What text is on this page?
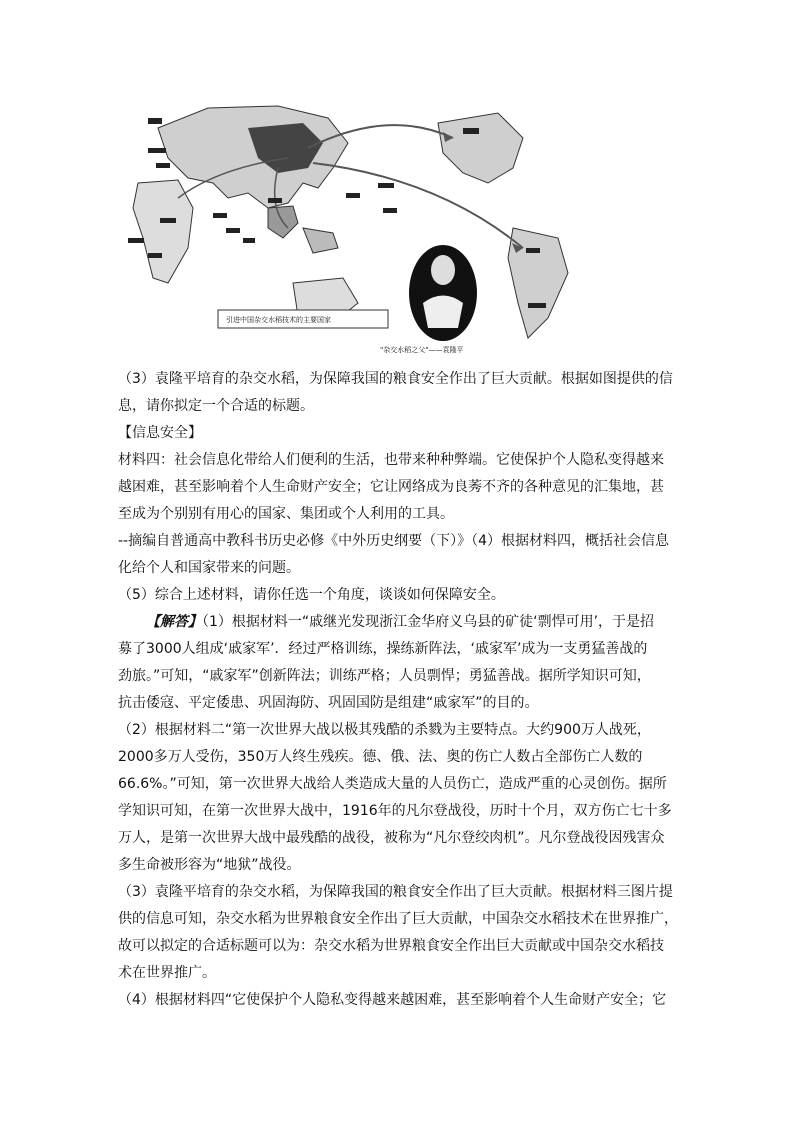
引进中国杂交水稻技术的主要国家
"杂交水稻之父"——袁隆平
（3）袁隆平培育的杂交水稻，为保障我国的粮食安全作出了巨大贡献。根据如图提供的信
息，请你拟定一个合适的标题。
【信息安全】
材料四：社会信息化带给人们便利的生活，也带来种种弊端。它使保护个人隐私变得越来
越困难，甚至影响着个人生命财产安全；它让网络成为良莠不齐的各种意见的汇集地，甚
至成为个别别有用心的国家、集团或个人利用的工具。
--摘编自普通高中教科书历史必修《中外历史纲要（下）》（4）根据材料四，概括社会信息
化给个人和国家带来的问题。
（5）综合上述材料，请你任选一个角度，谈谈如何保障安全。
【解答】（1）根据材料一“戚继光发现浙江金华府义乌县的矿徒‘剽悍可用’，于是招
募了3000人组成‘戚家军’．经过严格训练，操练新阵法，‘戚家军’成为一支勇猛善战的
劲旅。”可知，“戚家军”创新阵法；训练严格；人员剽悍；勇猛善战。据所学知识可知，
抗击倭寇、平定倭患、巩固海防、巩固国防是组建“戚家军”的目的。
（2）根据材料二“第一次世界大战以极其残酷的杀戮为主要特点。大约900万人战死，
2000多万人受伤，350万人终生残疾。德、俄、法、奥的伤亡人数占全部伤亡人数的
66.6%。”可知，第一次世界大战给人类造成大量的人员伤亡，造成严重的心灵创伤。据所
学知识可知，在第一次世界大战中，1916年的凡尔登战役，历时十个月，双方伤亡七十多
万人，是第一次世界大战中最残酷的战役，被称为“凡尔登绞肉机”。凡尔登战役因残害众
多生命被形容为“地狱”战役。
（3）袁隆平培育的杂交水稻，为保障我国的粮食安全作出了巨大贡献。根据材料三图片提
供的信息可知，杂交水稻为世界粮食安全作出了巨大贡献，中国杂交水稻技术在世界推广，
故可以拟定的合适标题可以为：杂交水稻为世界粮食安全作出巨大贡献或中国杂交水稻技
术在世界推广。
（4）根据材料四“它使保护个人隐私变得越来越困难，甚至影响着个人生命财产安全；它
